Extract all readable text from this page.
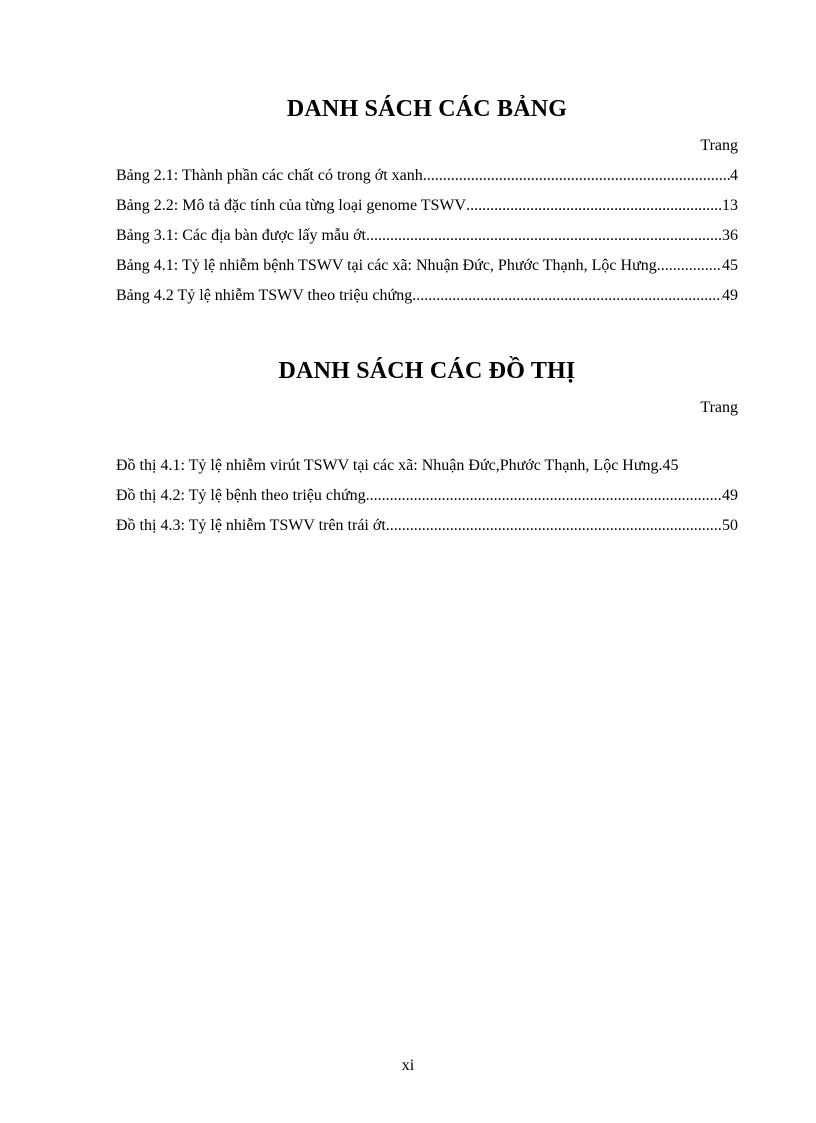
DANH SÁCH CÁC BẢNG
Trang
Bảng 2.1: Thành phần các chất có trong ớt xanh .....	4
Bảng 2.2: Mô tả đặc tính của từng loại genome TSWV .....	13
Bảng 3.1: Các địa bàn được lấy mẫu ớt .....	36
Bảng 4.1: Tỷ lệ nhiễm bệnh TSWV tại các xã: Nhuận Đức, Phước Thạnh, Lộc Hưng .....	45
Bảng 4.2 Tỷ lệ nhiễm TSWV theo triệu chứng .....	49
DANH SÁCH CÁC ĐỒ THỊ
Trang
Đồ thị 4.1: Tỷ lệ nhiễm virút TSWV tại các xã: Nhuận Đức,Phước Thạnh, Lộc Hưng. 45
Đồ thị 4.2: Tỷ lệ bệnh theo triệu chứng .....	49
Đồ thị 4.3: Tỷ lệ nhiễm TSWV trên trái ớt .....	50
xi
